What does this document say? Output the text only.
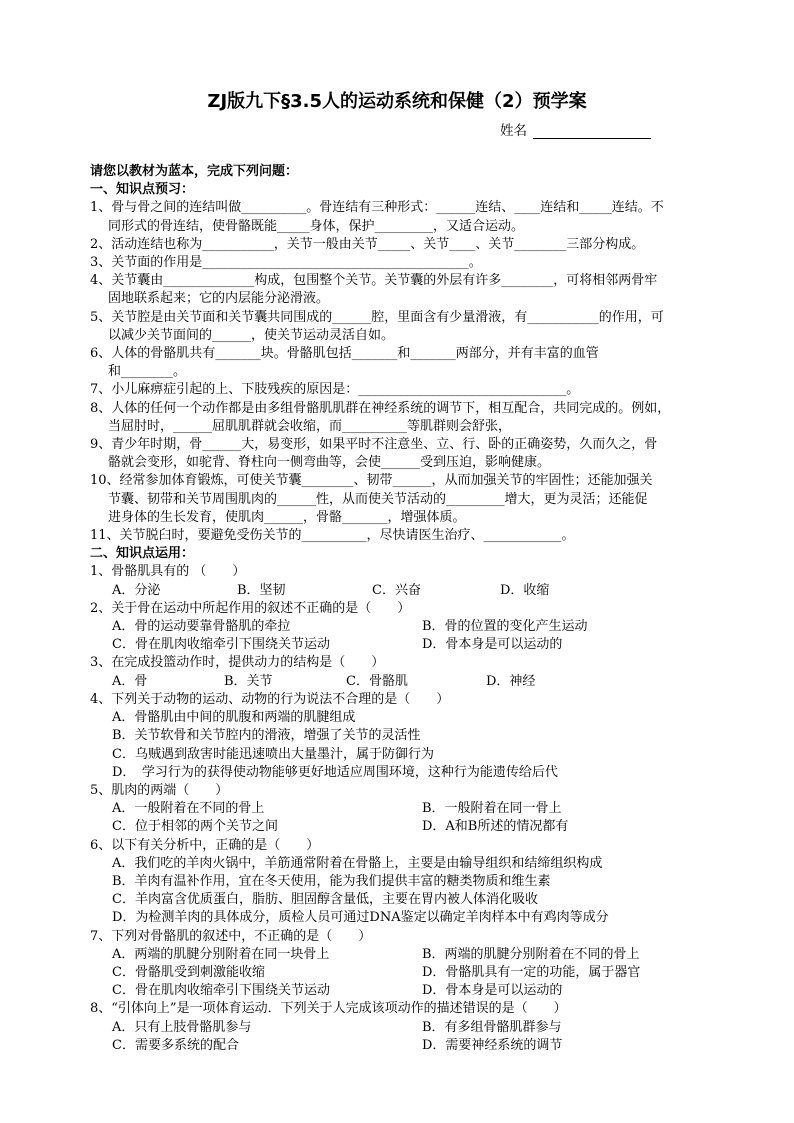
ZJ版九下§3.5人的运动系统和保健（2）预学案
姓名

请您以教材为蓝本，完成下列问题：

一、知识点预习：

1、骨与骨之间的连结叫做__________。骨连结有三种形式：______连结、____连结和_____连结。不

同形式的骨连结，使骨骼既能_____身体，保护_________，又适合运动。

2、活动连结也称为___________，关节一般由关节_____、关节____、关节________三部分构成。

3、关节面的作用是_________________________________________。

4、关节囊由______________构成，包围整个关节。关节囊的外层有许多________，可将相邻两骨牢

固地联系起来；它的内层能分泌滑液。

5、关节腔是由关节面和关节囊共同围成的______腔，里面含有少量滑液，有___________的作用，可

以减少关节面间的______，使关节运动灵活自如。

6、人体的骨骼肌共有_______块。骨骼肌包括_______和_______两部分，并有丰富的血管

和________。

7、小儿麻痹症引起的上、下肢残疾的原因是：________________________________。

8、人体的任何一个动作都是由多组骨骼肌肌群在神经系统的调节下，相互配合，共同完成的。例如，

当屈肘时，______屈肌肌群就会收缩，而__________等肌群则会舒张，

9、青少年时期，骨______大，易变形，如果平时不注意坐、立、行、卧的正确姿势，久而久之，骨

骼就会变形，如驼背、脊柱向一侧弯曲等，会使______受到压迫，影响健康。

10、经常参加体育锻炼，可使关节囊________、韧带______，从而加强关节的牢固性；还能加强关

节囊、韧带和关节周围肌肉的______性，从而使关节活动的_________增大，更为灵活；还能促

进身体的生长发育，使肌肉______，骨骼_______，增强体质。

11、关节脱臼时，要避免受伤关节的__________，尽快请医生治疗、____________。

二、知识点运用：

1、骨骼肌具有的 （　　）

A．分泌	B．坚韧	C．兴奋	D．收缩

2、关于骨在运动中所起作用的叙述不正确的是（　　）

A．骨的运动要靠骨骼肌的牵拉	B．骨的位置的变化产生运动
C．骨在肌肉收缩牵引下围绕关节运动	D．骨本身是可以运动的

3、在完成投篮动作时，提供动力的结构是（　　）

A．骨	B．关节	C．骨骼肌	D．神经

4、下列关于动物的运动、动物的行为说法不合理的是（　　）

A．骨骼肌由中间的肌腹和两端的肌腱组成

B．关节软骨和关节腔内的滑液，增强了关节的灵活性

C．乌贼遇到敌害时能迅速喷出大量墨汁，属于防御行为

D．　学习行为的获得使动物能够更好地适应周围环境，这种行为能遗传给后代

5、肌肉的两端（　　）

A．一般附着在不同的骨上	B．一般附着在同一骨上
C．位于相邻的两个关节之间	D．A和B所述的情况都有

6、以下有关分析中，正确的是（　　）

A．我们吃的羊肉火锅中，羊筋通常附着在骨骼上，主要是由输导组织和结缔组织构成

B．羊肉有温补作用，宜在冬天使用，能为我们提供丰富的糖类物质和维生素

C．羊肉富含优质蛋白，脂肪、胆固醇含量低，主要在胃内被人体消化吸收

D．为检测羊肉的具体成分，质检人员可通过DNA鉴定以确定羊肉样本中有鸡肉等成分

7、下列对骨骼肌的叙述中，不正确的是（　　）

A．两端的肌腱分别附着在同一块骨上	B．两端的肌腱分别附着在不同的骨上
C．骨骼肌受到刺激能收缩	D．骨骼肌具有一定的功能，属于器官
C．骨在肌肉收缩牵引下围绕关节运动	D．骨本身是可以运动的

8、“引体向上”是一项体育运动．下列关于人完成该项动作的描述错误的是（　　）

A．只有上肢骨骼肌参与	B．有多组骨骼肌群参与
C．需要多系统的配合	D．需要神经系统的调节
